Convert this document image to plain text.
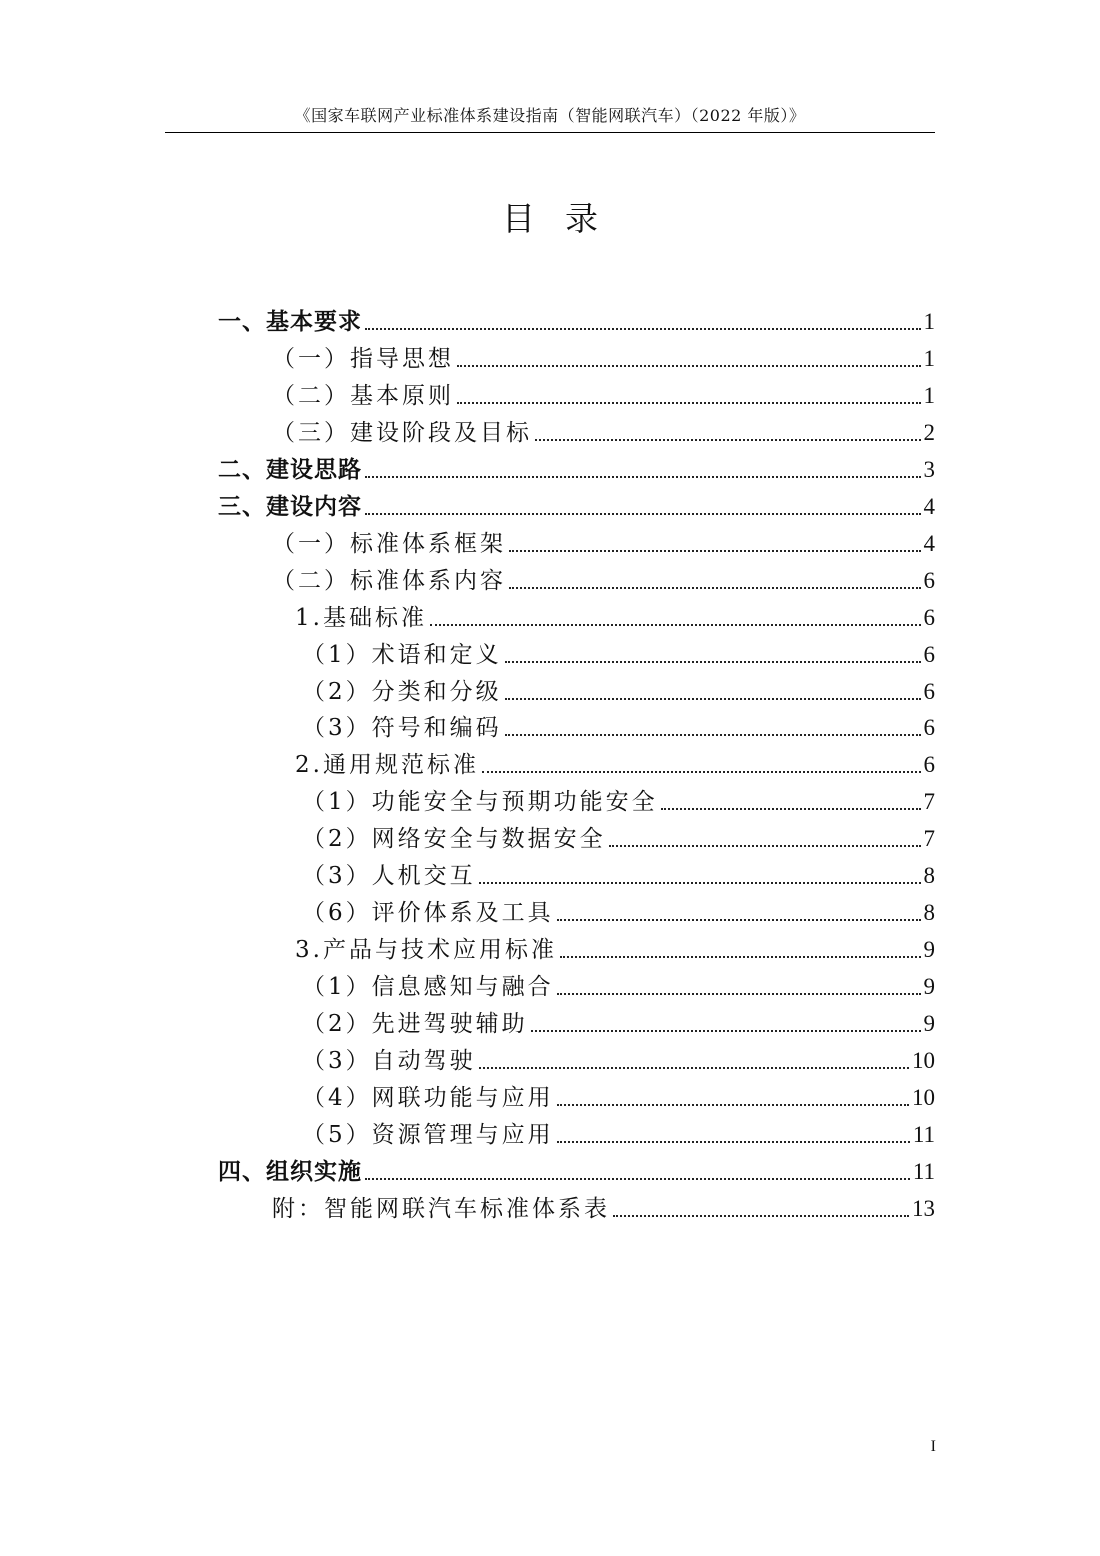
《国家车联网产业标准体系建设指南（智能网联汽车）（2022 年版）》
目录
一、基本要求	1
（一）指导思想	1
（二）基本原则	1
（三）建设阶段及目标	2
二、建设思路	3
三、建设内容	4
（一）标准体系框架	4
（二）标准体系内容	6
1.基础标准	6
（1）术语和定义	6
（2）分类和分级	6
（3）符号和编码	6
2.通用规范标准	6
（1）功能安全与预期功能安全	7
（2）网络安全与数据安全	7
（3）人机交互	8
（6）评价体系及工具	8
3.产品与技术应用标准	9
（1）信息感知与融合	9
（2）先进驾驶辅助	9
（3）自动驾驶	10
（4）网联功能与应用	10
（5）资源管理与应用	11
四、组织实施	11
附：智能网联汽车标准体系表	13
I
